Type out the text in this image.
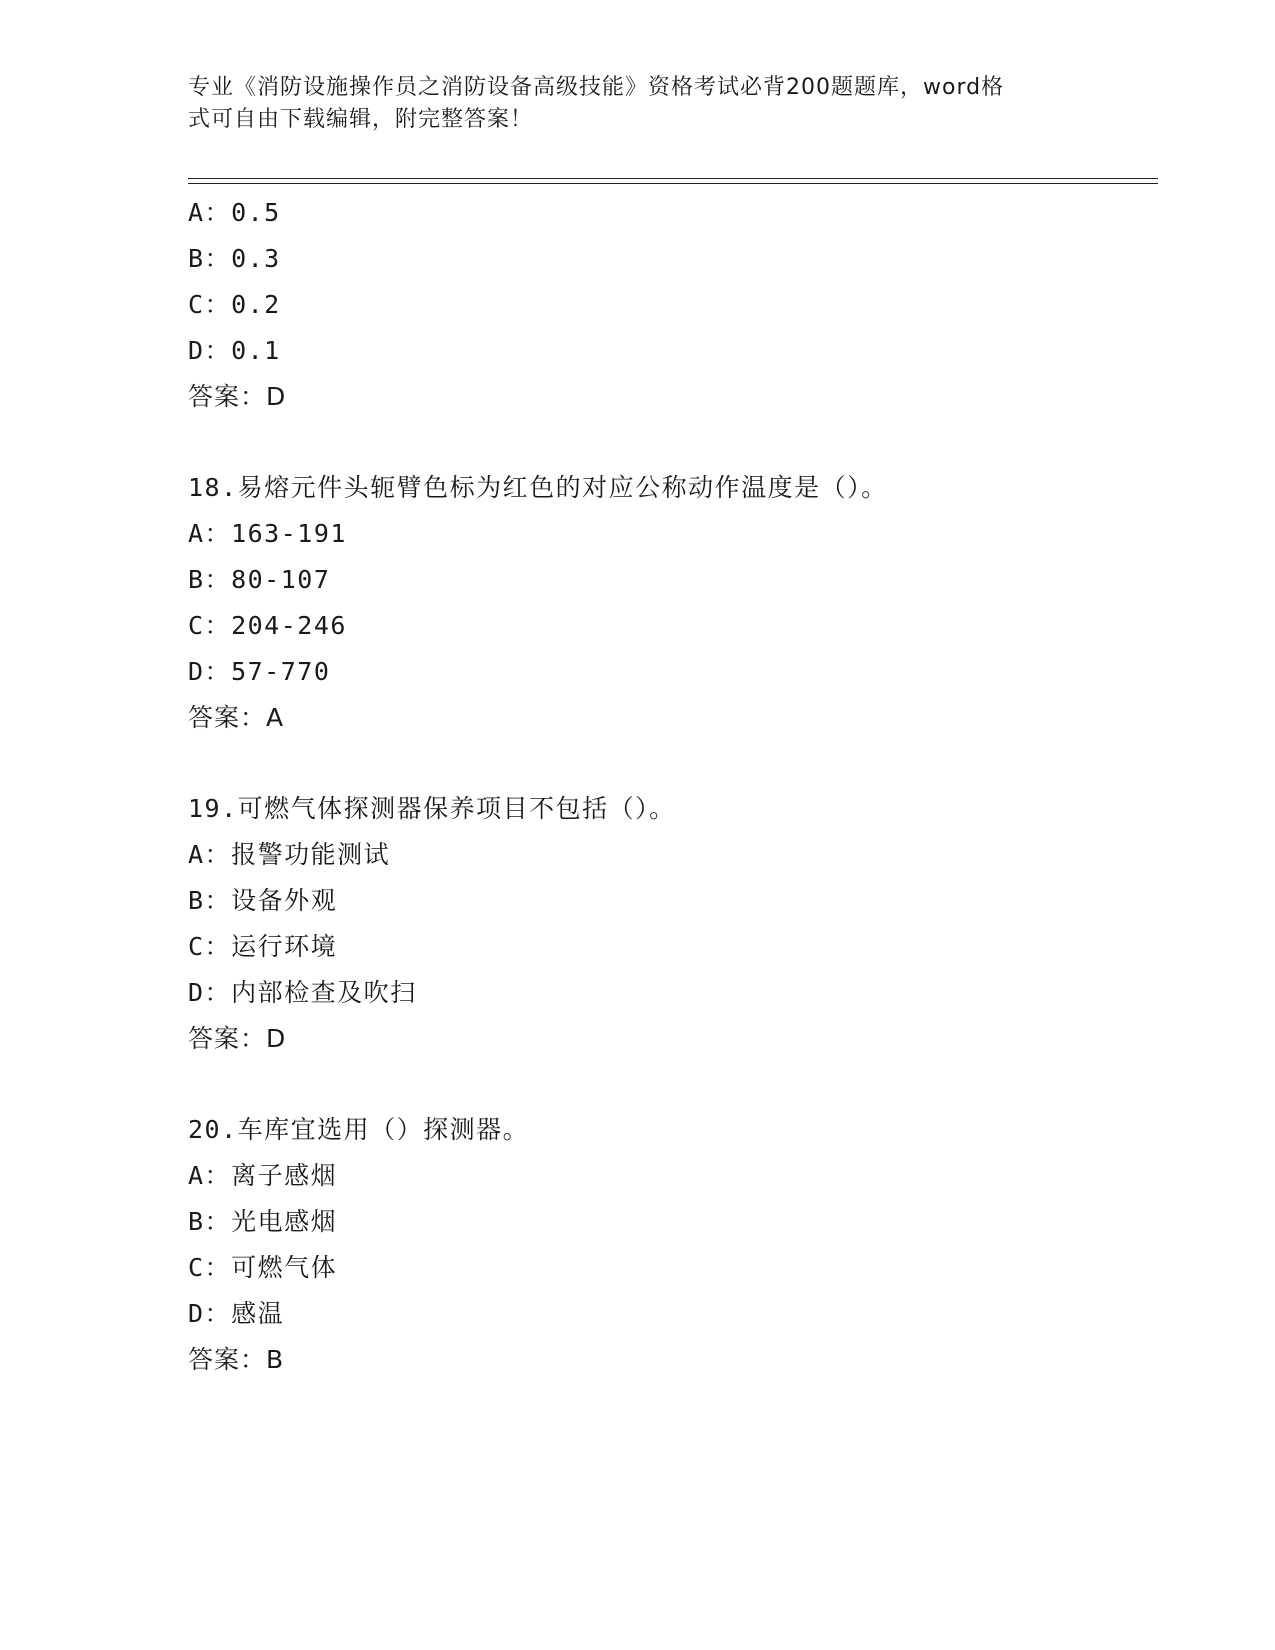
专业《消防设施操作员之消防设备高级技能》资格考试必背200题题库，word格
式可自由下载编辑，附完整答案！
A：0.5
B：0.3
C：0.2
D：0.1
答案：D
18.易熔元件头轭臂色标为红色的对应公称动作温度是（）。
A：163-191
B：80-107
C：204-246
D：57-770
答案：A
19.可燃气体探测器保养项目不包括（）。
A：报警功能测试
B：设备外观
C：运行环境
D：内部检查及吹扫
答案：D
20.车库宜选用（）探测器。
A：离子感烟
B：光电感烟
C：可燃气体
D：感温
答案：B
